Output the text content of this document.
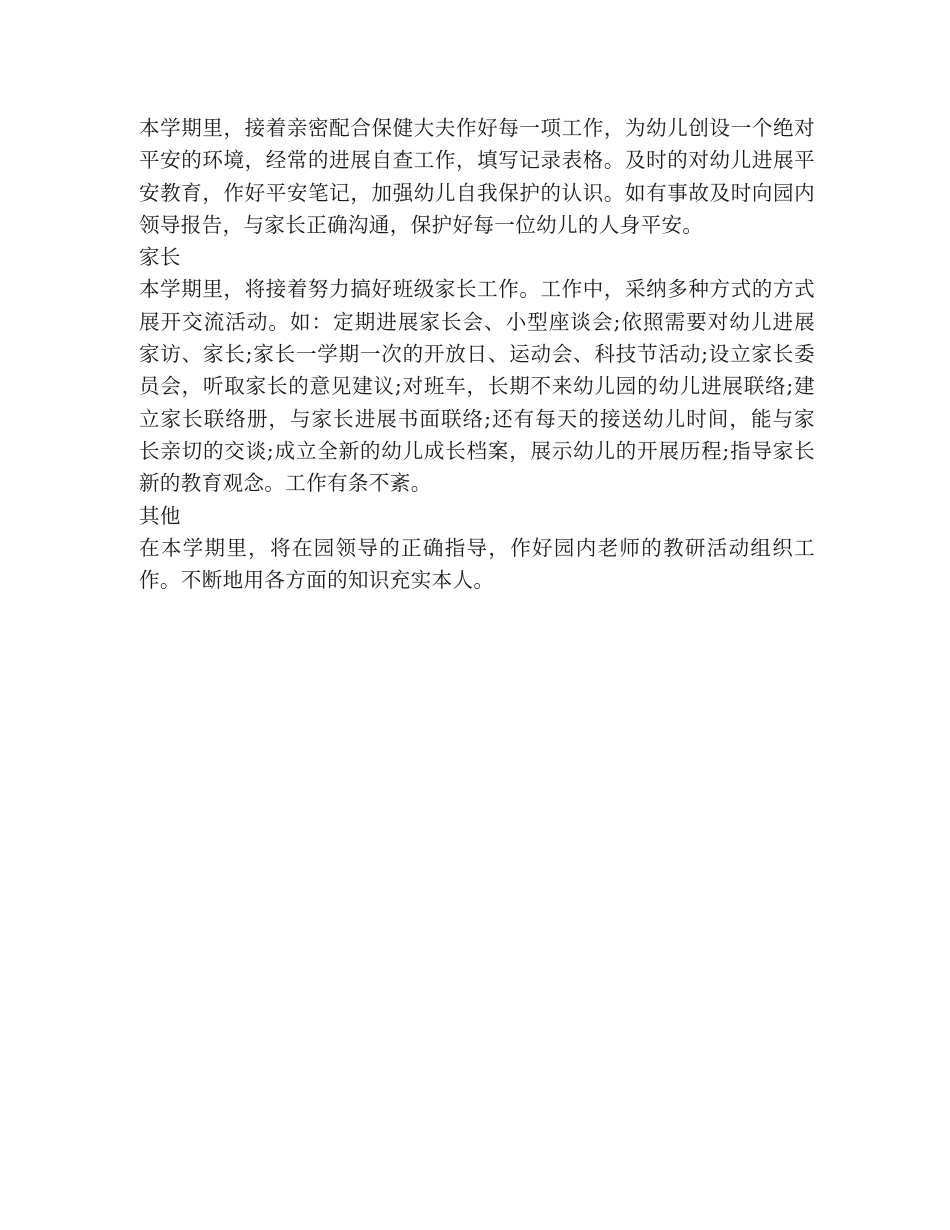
本学期里，接着亲密配合保健大夫作好每一项工作，为幼儿创设一个绝对平安的环境，经常的进展自查工作，填写记录表格。及时的对幼儿进展平安教育，作好平安笔记，加强幼儿自我保护的认识。如有事故及时向园内领导报告，与家长正确沟通，保护好每一位幼儿的人身平安。

家长

本学期里，将接着努力搞好班级家长工作。工作中，采纳多种方式的方式展开交流活动。如：定期进展家长会、小型座谈会;依照需要对幼儿进展家访、家长;家长一学期一次的开放日、运动会、科技节活动;设立家长委员会，听取家长的意见建议;对班车，长期不来幼儿园的幼儿进展联络;建立家长联络册，与家长进展书面联络;还有每天的接送幼儿时间，能与家长亲切的交谈;成立全新的幼儿成长档案，展示幼儿的开展历程;指导家长新的教育观念。工作有条不紊。

其他

在本学期里，将在园领导的正确指导，作好园内老师的教研活动组织工作。不断地用各方面的知识充实本人。
